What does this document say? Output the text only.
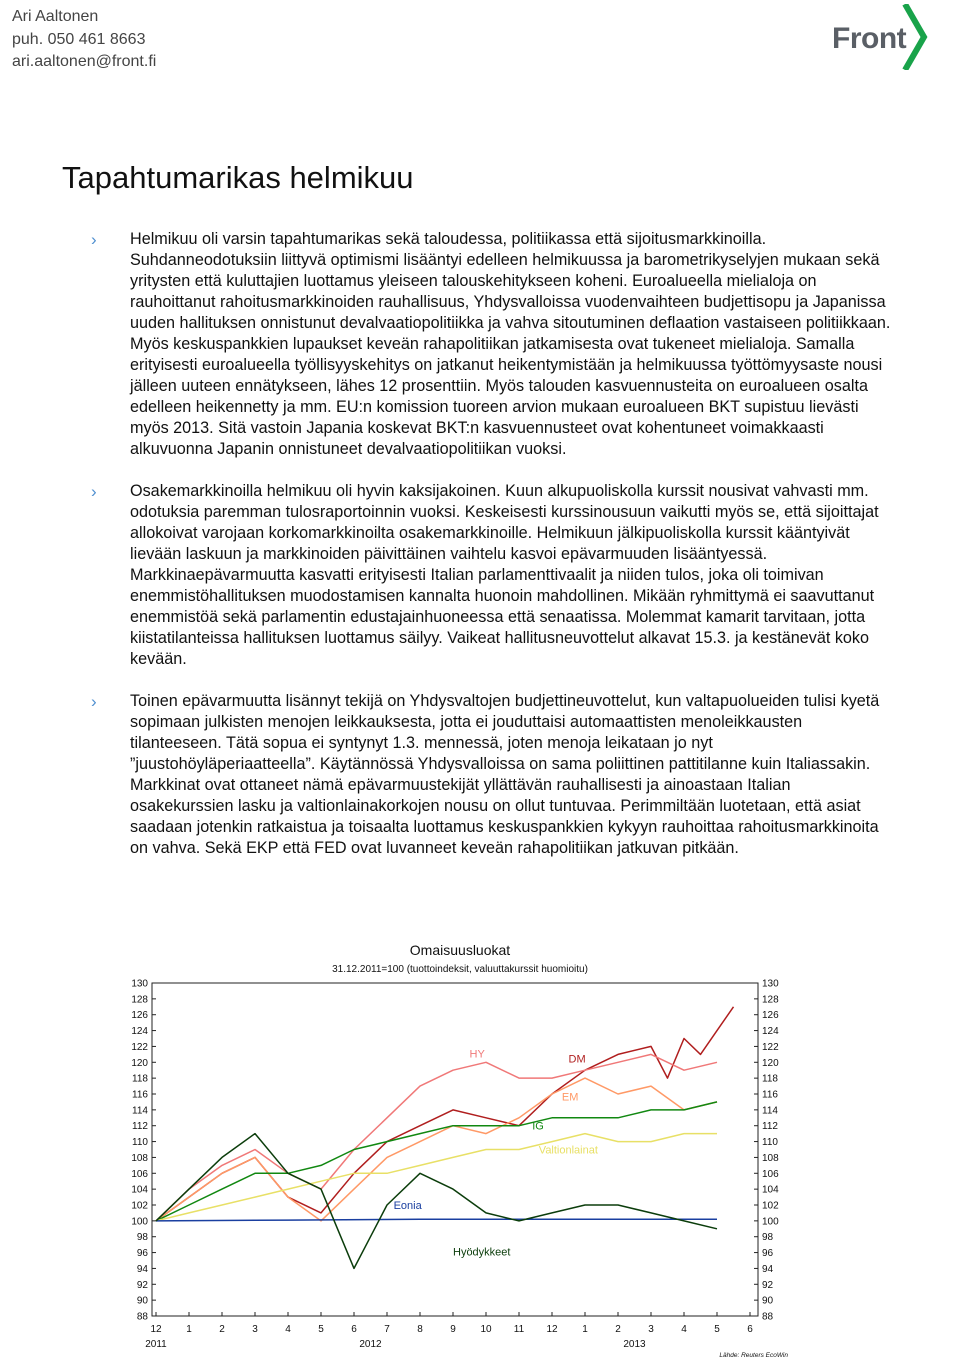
Ari Aaltonen
puh. 050 461 8663
ari.aaltonen@front.fi
Front
Tapahtumarikas helmikuu
› Helmikuu oli varsin tapahtumarikas sekä taloudessa, politiikassa että sijoitusmarkkinoilla. Suhdanneodotuksiin liittyvä optimismi lisääntyi edelleen helmikuussa ja barometrikyselyjen mukaan sekä yritysten että kuluttajien luottamus yleiseen talouskehitykseen koheni. Euroalueella mielialoja on rauhoittanut rahoitusmarkkinoiden rauhallisuus, Yhdysvalloissa vuodenvaihteen budjettisopu ja Japanissa uuden hallituksen onnistunut devalvaatiopolitiikka ja vahva sitoutuminen deflaation vastaiseen politiikkaan. Myös keskuspankkien lupaukset keveän rahapolitiikan jatkamisesta ovat tukeneet mielialoja. Samalla erityisesti euroalueella työllisyyskehitys on jatkanut heikentymistään ja helmikuussa työttömyysaste nousi jälleen uuteen ennätykseen, lähes 12 prosenttiin. Myös talouden kasvuennusteita on euroalueen osalta edelleen heikennetty ja mm. EU:n komission tuoreen arvion mukaan euroalueen BKT supistuu lievästi myös 2013. Sitä vastoin Japania koskevat BKT:n kasvuennusteet ovat kohentuneet voimakkaasti alkuvuonna Japanin onnistuneet devalvaatiopolitiikan vuoksi.
› Osakemarkkinoilla helmikuu oli hyvin kaksijakoinen. Kuun alkupuoliskolla kurssit nousivat vahvasti mm. odotuksia paremman tulosraportoinnin vuoksi. Keskeisesti kurssinousuun vaikutti myös se, että sijoittajat allokoivat varojaan korkomarkkinoilta osakemarkkinoille. Helmikuun jälkipuoliskolla kurssit kääntyivät lievään laskuun ja markkinoiden päivittäinen vaihtelu kasvoi epävarmuuden lisääntyessä. Markkinaepävarmuutta kasvatti erityisesti Italian parlamenttivaalit ja niiden tulos, joka oli toimivan enemmistöhallituksen muodostamisen kannalta huonoin mahdollinen. Mikään ryhmittymä ei saavuttanut enemmistöä sekä parlamentin edustajainhuoneessa että senaatissa. Molemmat kamarit tarvitaan, jotta kiistatilanteissa hallituksen luottamus säilyy. Vaikeat hallitusneuvottelut alkavat 15.3. ja kestänevät koko kevään.
› Toinen epävarmuutta lisännyt tekijä on Yhdysvaltojen budjettineuvottelut, kun valtapuolueiden tulisi kyetä sopimaan julkisten menojen leikkauksesta, jotta ei jouduttaisi automaattisten menoleikkausten tilanteeseen. Tätä sopua ei syntynyt 1.3. mennessä, joten menoja leikataan jo nyt ”juustohöyläperiaatteella”. Käytännössä Yhdysvalloissa on sama poliittinen pattitilanne kuin Italiassakin. Markkinat ovat ottaneet nämä epävarmuustekijät yllättävän rauhallisesti ja ainoastaan Italian osakekurssien lasku ja valtionlainakorkojen nousu on ollut tuntuvaa. Perimmiltään luotetaan, että asiat saadaan jotenkin ratkaistua ja toisaalta luottamus keskuspankkien kykyyn rauhoittaa rahoitusmarkkinoita on vahva. Sekä EKP että FED ovat luvanneet keveän rahapolitiikan jatkuvan pitkään.
Omaisuusluokat
31.12.2011=100 (tuottoindeksit, valuuttakurssit huomioitu)
Lähde: Reuters EcoWin
130	130
128	128
126	126
124	124
122	122
120	120
118	118
116	116
114	114
112	112
110	110
108	108
106	106
104	104
102	102
100	100
98	98
96	96
94	94
92	92
90	90
88	88
12 1	2	3	4	5	6	7	8	9 10 11 12 1	2	3	4	5	6
2011	2012	2013
DM
HY
EM
IG
Valtionlainat
Eonia
Hyödykkeet
